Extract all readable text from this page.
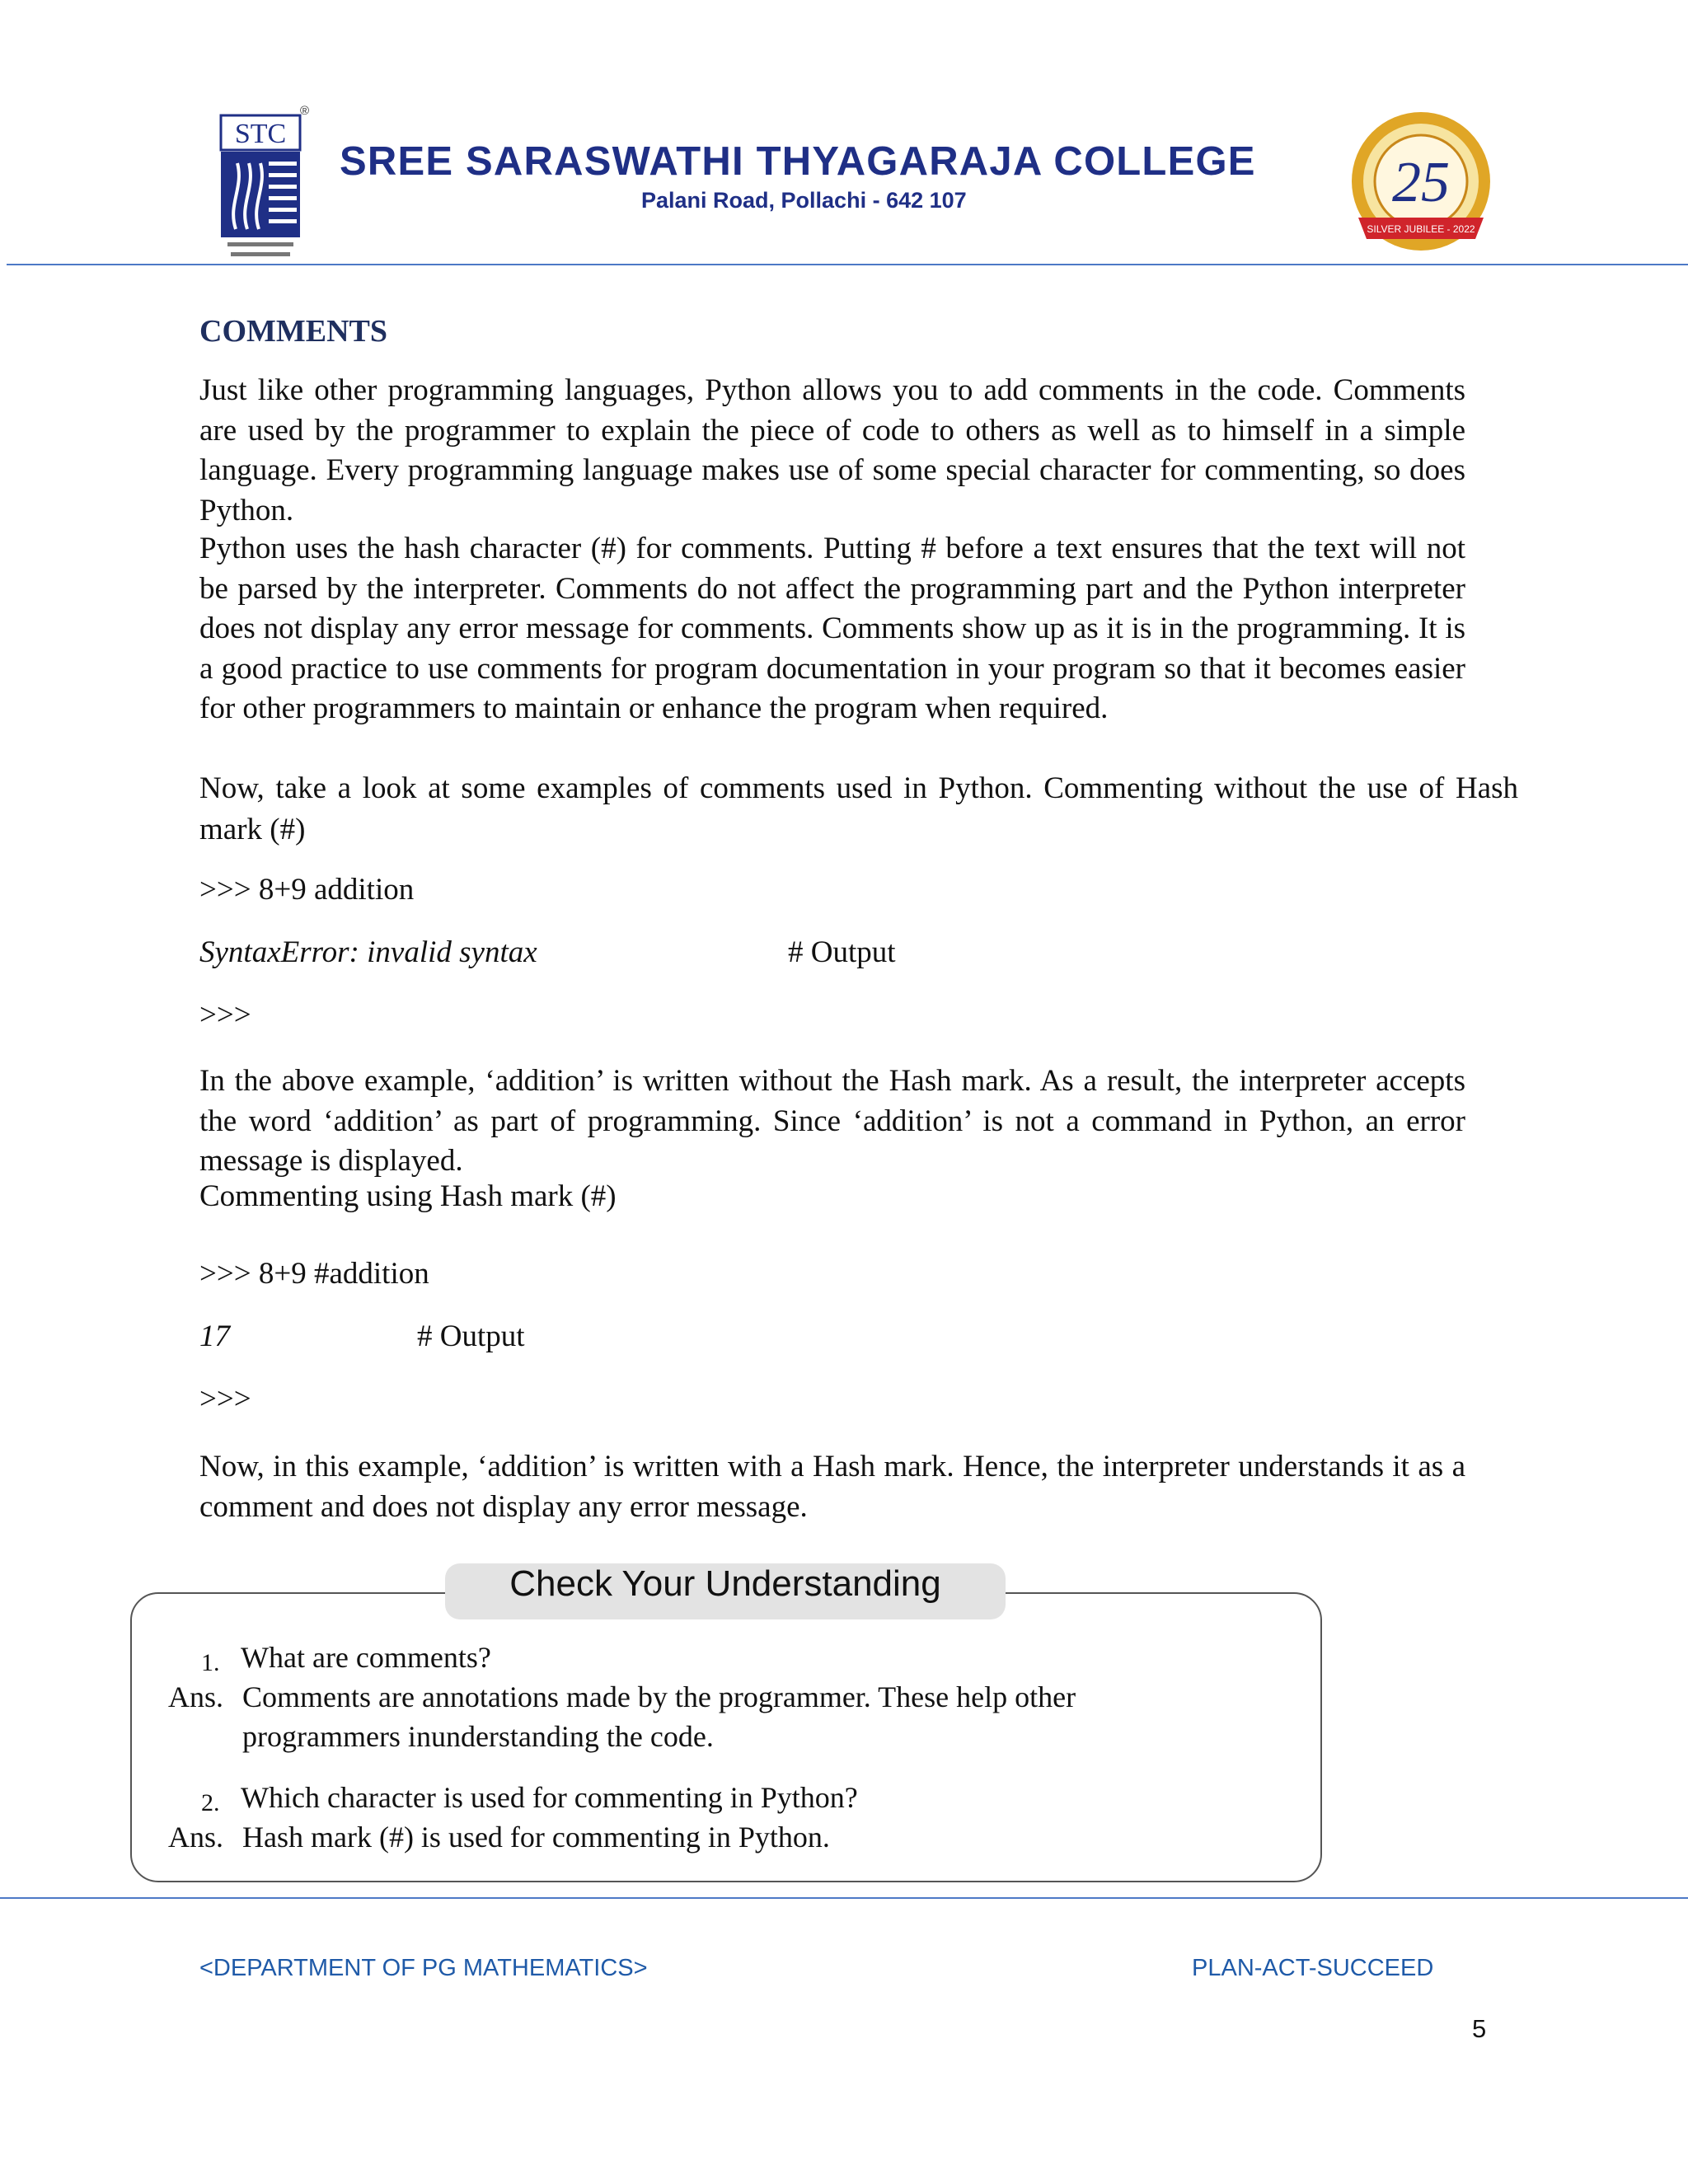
STC
®
SREE SARASWATHI THYAGARAJA COLLEGE
Palani Road, Pollachi - 642 107	25
SILVER JUBILEE - 2022
COMMENTS

Just like other programming languages, Python allows you to add comments in the code. Comments are used by the programmer to explain the piece of code to others as well as to himself in a simple language. Every programming language makes use of some special character for commenting, so does Python.

Python uses the hash character (#) for comments. Putting # before a text ensures that the text will not be parsed by the interpreter. Comments do not affect the programming part and the Python interpreter does not display any error message for comments. Comments show up as it is in the programming. It is a good practice to use comments for program documentation in your program so that it becomes easier for other programmers to maintain or enhance the program when required.

Now, take a look at some examples of comments used in Python. Commenting without the use of Hash mark (#)

>>> 8+9 addition

SyntaxError: invalid syntax	# Output

>>>

In the above example, ‘addition’ is written without the Hash mark. As a result, the interpreter accepts the word ‘addition’ as part of programming. Since ‘addition’ is not a command in Python, an error message is displayed.

Commenting using Hash mark (#)

>>> 8+9 #addition

17	# Output

>>>

Now, in this example, ‘addition’ is written with a Hash mark. Hence, the interpreter understands it as a comment and does not display any error message.

Check Your Understanding

1. What are comments?

Ans. Comments are annotations made by the programmer. These help other

programmers inunderstanding the code.

2. Which character is used for commenting in Python?

Ans. Hash mark (#) is used for commenting in Python.

<DEPARTMENT OF PG MATHEMATICS>	PLAN-ACT-SUCCEED
5
